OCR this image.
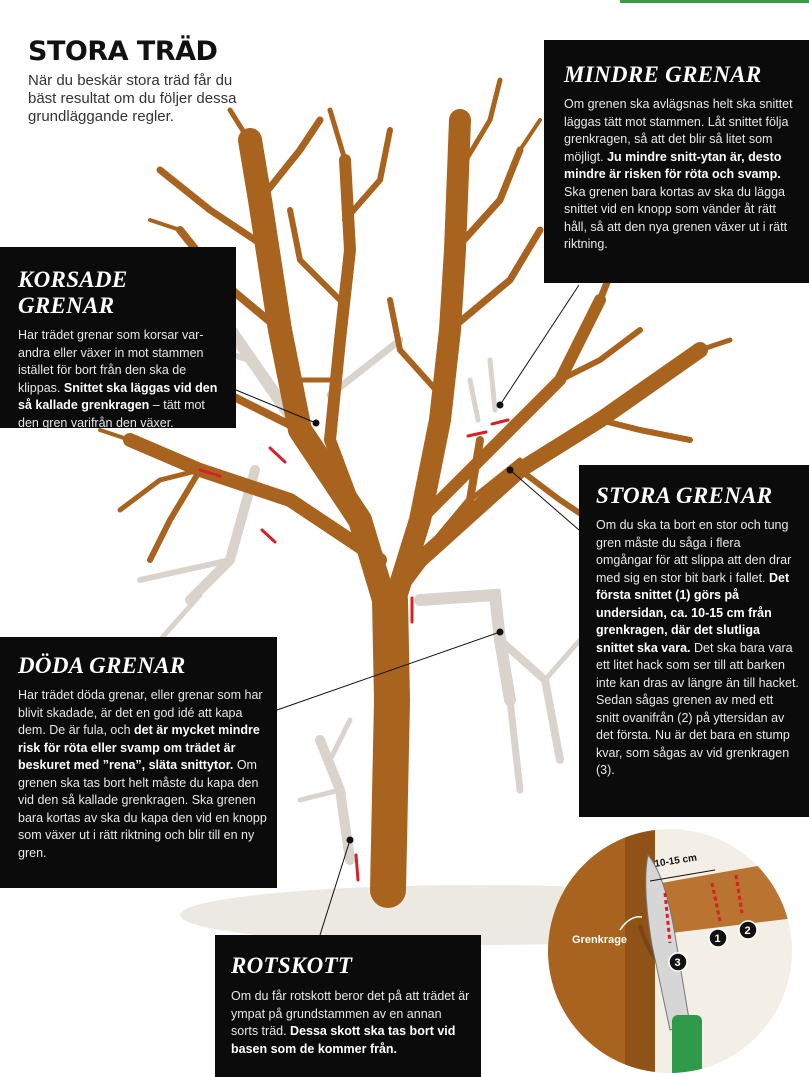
10-15 cm
Grenkrage	1
2
3
STORA TRÄD
När du beskär stora träd får du bäst resultat om du följer dessa grundläggande regler.
MINDRE GRENAR

Om grenen ska avlägsnas helt ska snittet läggas tätt mot stammen. Låt snittet följa grenkragen, så att det blir så litet som möjligt. Ju mindre snitt-ytan är, desto mindre är risken för röta och svamp. Ska grenen bara kortas av ska du lägga snittet vid en knopp som vänder åt rätt håll, så att den nya grenen växer ut i rätt riktning.

KORSADE GRENAR

Har trädet grenar som korsar var-andra eller växer in mot stammen istället för bort från den ska de klippas. Snittet ska läggas vid den så kallade grenkragen – tätt mot den gren varifrån den växer.

STORA GRENAR

Om du ska ta bort en stor och tung gren måste du såga i flera omgångar för att slippa att den drar med sig en stor bit bark i fallet. Det första snittet (1) görs på undersidan, ca. 10-15 cm från grenkragen, där det slutliga snittet ska vara. Det ska bara vara ett litet hack som ser till att barken inte kan dras av längre än till hacket. Sedan sågas grenen av med ett snitt ovanifrån (2) på yttersidan av det första. Nu är det bara en stump kvar, som sågas av vid grenkragen (3).

DÖDA GRENAR

Har trädet döda grenar, eller grenar som har blivit skadade, är det en god idé att kapa dem. De är fula, och det är mycket mindre risk för röta eller svamp om trädet är beskuret med ”rena”, släta snittytor. Om grenen ska tas bort helt måste du kapa den vid den så kallade grenkragen. Ska grenen bara kortas av ska du kapa den vid en knopp som växer ut i rätt riktning och blir till en ny gren.

ROTSKOTT

Om du får rotskott beror det på att trädet är ympat på grundstammen av en annan sorts träd. Dessa skott ska tas bort vid basen som de kommer från.
